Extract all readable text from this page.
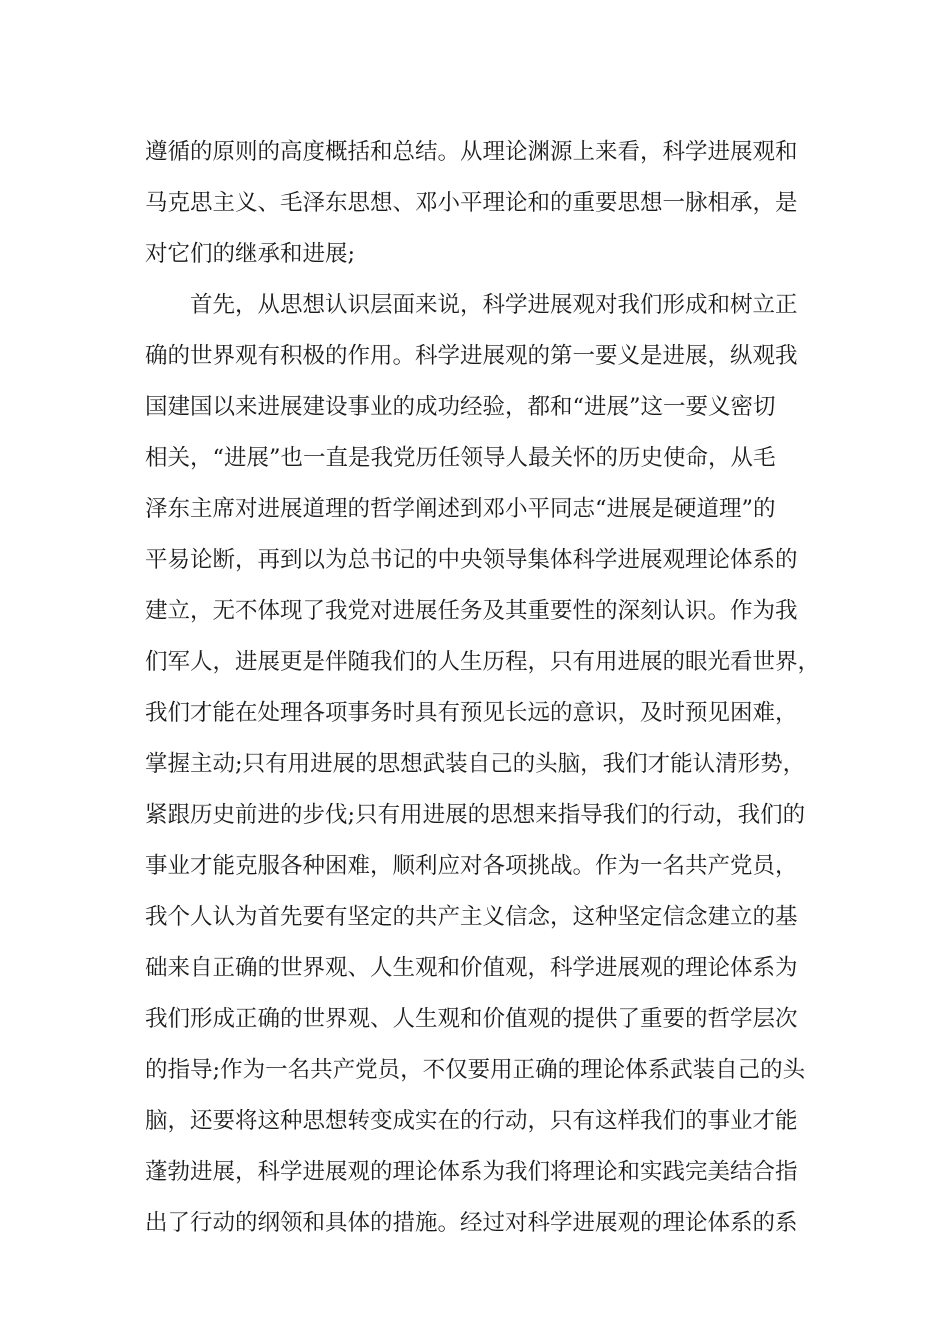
遵循的原则的高度概括和总结。从理论渊源上来看，科学进展观和
马克思主义、毛泽东思想、邓小平理论和的重要思想一脉相承，是
对它们的继承和进展;
首先，从思想认识层面来说，科学进展观对我们形成和树立正
确的世界观有积极的作用。科学进展观的第一要义是进展，纵观我
国建国以来进展建设事业的成功经验，都和“进展”这一要义密切
相关，“进展”也一直是我党历任领导人最关怀的历史使命，从毛
泽东主席对进展道理的哲学阐述到邓小平同志“进展是硬道理”的
平易论断，再到以为总书记的中央领导集体科学进展观理论体系的
建立，无不体现了我党对进展任务及其重要性的深刻认识。作为我
们军人，进展更是伴随我们的人生历程，只有用进展的眼光看世界，
我们才能在处理各项事务时具有预见长远的意识，及时预见困难，
掌握主动;只有用进展的思想武装自己的头脑，我们才能认清形势，
紧跟历史前进的步伐;只有用进展的思想来指导我们的行动，我们的
事业才能克服各种困难，顺利应对各项挑战。作为一名共产党员，
我个人认为首先要有坚定的共产主义信念，这种坚定信念建立的基
础来自正确的世界观、人生观和价值观，科学进展观的理论体系为
我们形成正确的世界观、人生观和价值观的提供了重要的哲学层次
的指导;作为一名共产党员，不仅要用正确的理论体系武装自己的头
脑，还要将这种思想转变成实在的行动，只有这样我们的事业才能
蓬勃进展，科学进展观的理论体系为我们将理论和实践完美结合指
出了行动的纲领和具体的措施。经过对科学进展观的理论体系的系
